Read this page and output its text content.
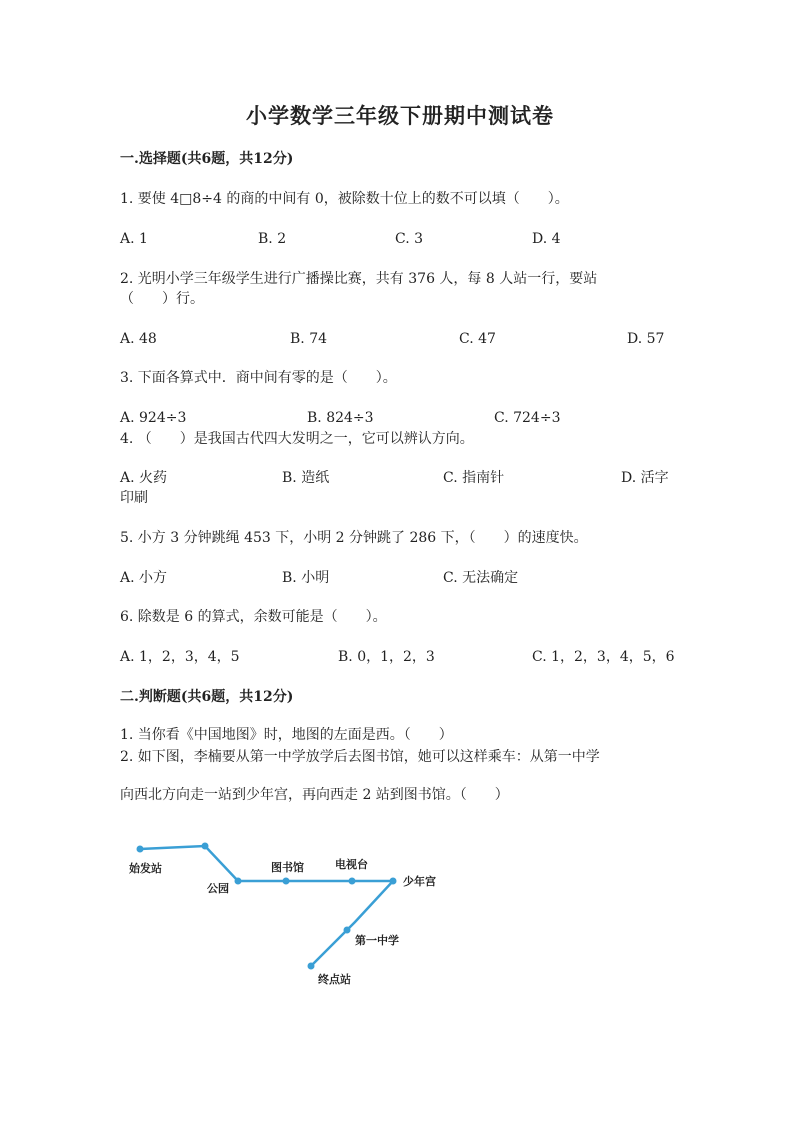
小学数学三年级下册期中测试卷
一.选择题(共6题，共12分)
1. 要使 4□8÷4 的商的中间有 0，被除数十位上的数不可以填（　　）。
A. 1	B. 2	C. 3	D. 4
2. 光明小学三年级学生进行广播操比赛，共有 376 人，每 8 人站一行，要站
（　　）行。
A. 48	B. 74	C. 47	D. 57
3. 下面各算式中．商中间有零的是（　　）。
A. 924÷3	B. 824÷3	C. 724÷3
4. （　　）是我国古代四大发明之一，它可以辨认方向。
A. 火药	B. 造纸	C. 指南针	D. 活字
印刷
5. 小方 3 分钟跳绳 453 下，小明 2 分钟跳了 286 下，（　　）的速度快。
A. 小方	B. 小明	C. 无法确定
6. 除数是 6 的算式，余数可能是（　　）。
A. 1，2，3，4，5	B. 0，1，2，3	C. 1，2，3，4，5，6
二.判断题(共6题，共12分)
1. 当你看《中国地图》时，地图的左面是西。（　　）
2. 如下图，李楠要从第一中学放学后去图书馆，她可以这样乘车：从第一中学
向西北方向走一站到少年宫，再向西走 2 站到图书馆。（　　）
始发站
公园
图书馆	电视台
少年宫
第一中学
终点站
